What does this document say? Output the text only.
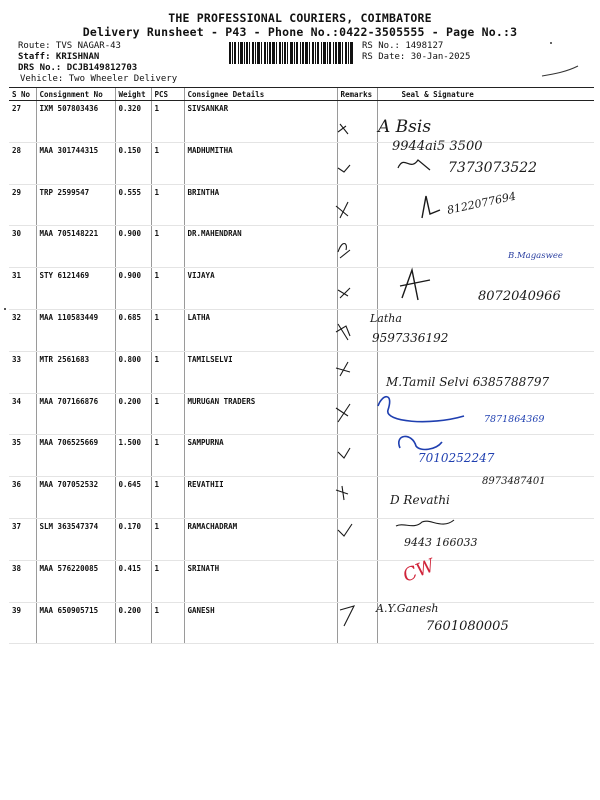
THE PROFESSIONAL COURIERS, COIMBATORE
Delivery Runsheet - P43 - Phone No.:0422-3505555 - Page No.:3
Route: TVS NAGAR-43
Staff: KRISHNAN
DRS No.: DCJB149812703
Vehicle: Two Wheeler Delivery
RS No.: 1498127
RS Date: 30-Jan-2025
S No	Consignment No	Weight	PCS	Consignee Details	Remarks	Seal & Signature
27	IXM 507803436	0.320	1	SIVSANKAR		
28	MAA 301744315	0.150	1	MADHUMITHA		
29	TRP 2599547	0.555	1	BRINTHA		
30	MAA 705148221	0.900	1	DR.MAHENDRAN		
31	STY 6121469	0.900	1	VIJAYA		
32	MAA 110583449	0.685	1	LATHA		
33	MTR 2561683	0.800	1	TAMILSELVI		
34	MAA 707166876	0.200	1	MURUGAN TRADERS		
35	MAA 706525669	1.500	1	SAMPURNA		
36	MAA 707052532	0.645	1	REVATHII		
37	SLM 363547374	0.170	1	RAMACHADRAM		
38	MAA 576220085	0.415	1	SRINATH		
39	MAA 650905715	0.200	1	GANESH		
A Bsis
9944ai5 3500
7373073522
8122077694
B.Magaswee
8072040966
Latha
9597336192
M.Tamil Selvi 6385788797
7871864369
7010252247
8973487401
D Revathi
9443 166033
CW
A.Y.Ganesh
7601080005
